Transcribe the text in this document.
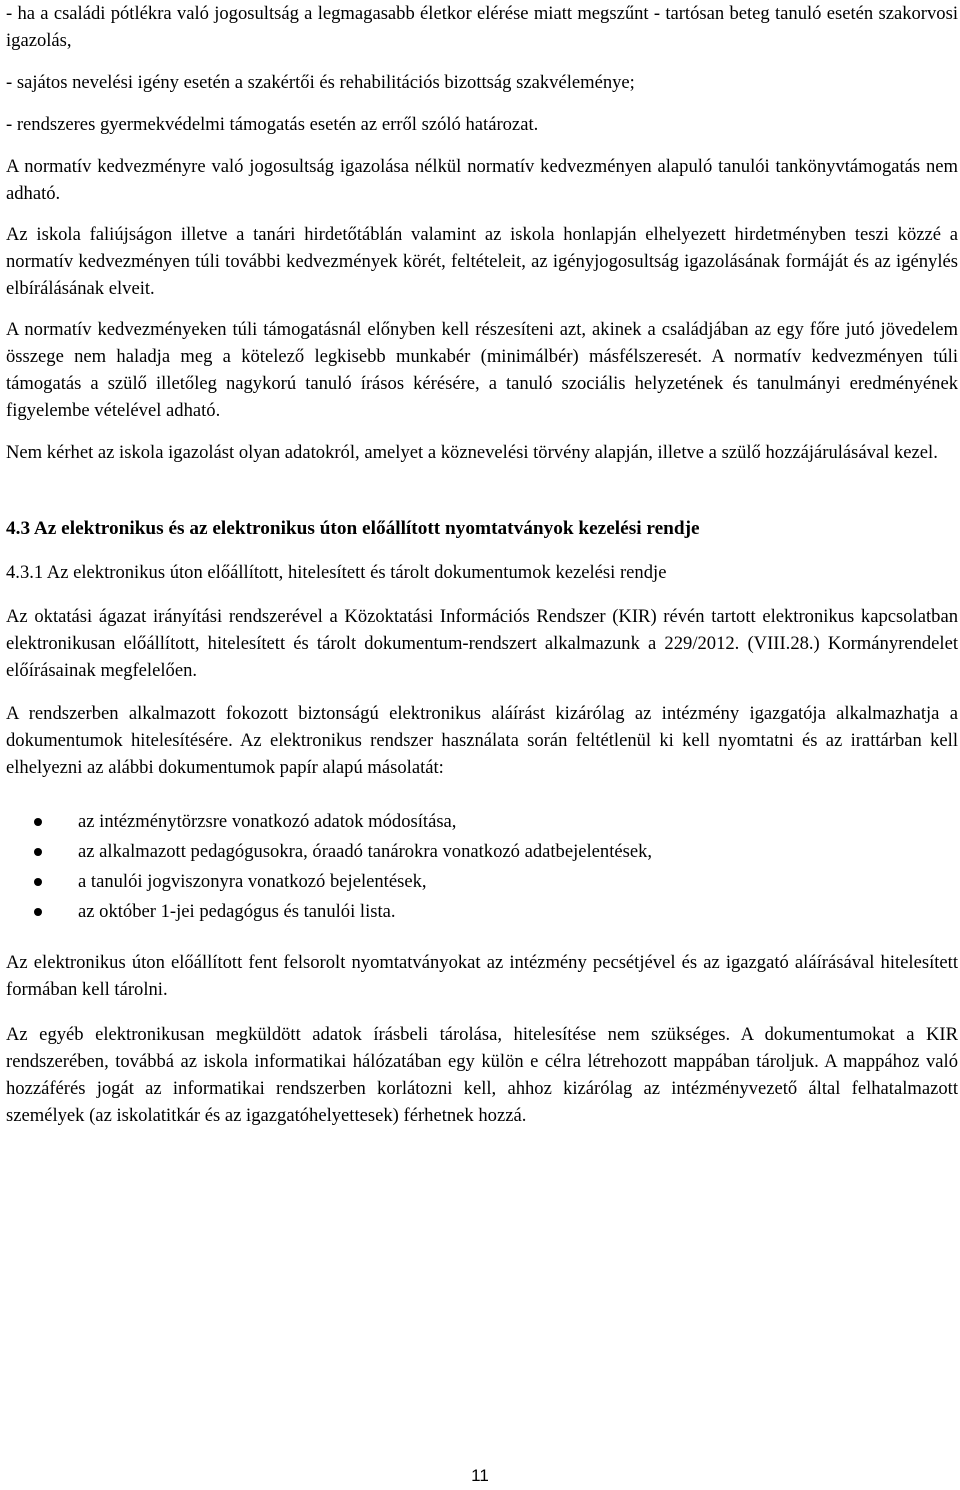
- ha a családi pótlékra való jogosultság a legmagasabb életkor elérése miatt megszűnt - tartósan beteg tanuló esetén szakorvosi igazolás,

- sajátos nevelési igény esetén a szakértői és rehabilitációs bizottság szakvéleménye;

- rendszeres gyermekvédelmi támogatás esetén az erről szóló határozat.

A normatív kedvezményre való jogosultság igazolása nélkül normatív kedvezményen alapuló tanulói tankönyvtámogatás nem adható.

Az iskola faliújságon illetve a tanári hirdetőtáblán valamint az iskola honlapján elhelyezett hirdetményben teszi közzé a normatív kedvezményen túli további kedvezmények körét, feltételeit, az igényjogosultság igazolásának formáját és az igénylés elbírálásának elveit.

A normatív kedvezményeken túli támogatásnál előnyben kell részesíteni azt, akinek a családjában az egy főre jutó jövedelem összege nem haladja meg a kötelező legkisebb munkabér (minimálbér) másfélszeresét. A normatív kedvezményen túli támogatás a szülő illetőleg nagykorú tanuló írásos kérésére, a tanuló szociális helyzetének és tanulmányi eredményének figyelembe vételével adható.

Nem kérhet az iskola igazolást olyan adatokról, amelyet a köznevelési törvény alapján, illetve a szülő hozzájárulásával kezel.

4.3 Az elektronikus és az elektronikus úton előállított nyomtatványok kezelési rendje

4.3.1 Az elektronikus úton előállított, hitelesített és tárolt dokumentumok kezelési rendje

Az oktatási ágazat irányítási rendszerével a Közoktatási Információs Rendszer (KIR) révén tartott elektronikus kapcsolatban elektronikusan előállított, hitelesített és tárolt dokumentum-rendszert alkalmazunk a 229/2012. (VIII.28.) Kormányrendelet előírásainak megfelelően.

A rendszerben alkalmazott fokozott biztonságú elektronikus aláírást kizárólag az intézmény igazgatója alkalmazhatja a dokumentumok hitelesítésére. Az elektronikus rendszer használata során feltétlenül ki kell nyomtatni és az irattárban kell elhelyezni az alábbi dokumentumok papír alapú másolatát:

az intézménytörzsre vonatkozó adatok módosítása,
az alkalmazott pedagógusokra, óraadó tanárokra vonatkozó adatbejelentések,
a tanulói jogviszonyra vonatkozó bejelentések,
az október 1-jei pedagógus és tanulói lista.

Az elektronikus úton előállított fent felsorolt nyomtatványokat az intézmény pecsétjével és az igazgató aláírásával hitelesített formában kell tárolni.

Az egyéb elektronikusan megküldött adatok írásbeli tárolása, hitelesítése nem szükséges. A dokumentumokat a KIR rendszerében, továbbá az iskola informatikai hálózatában egy külön e célra létrehozott mappában tároljuk. A mappához való hozzáférés jogát az informatikai rendszerben korlátozni kell, ahhoz kizárólag az intézményvezető által felhatalmazott személyek (az iskolatitkár és az igazgatóhelyettesek) férhetnek hozzá.

11
